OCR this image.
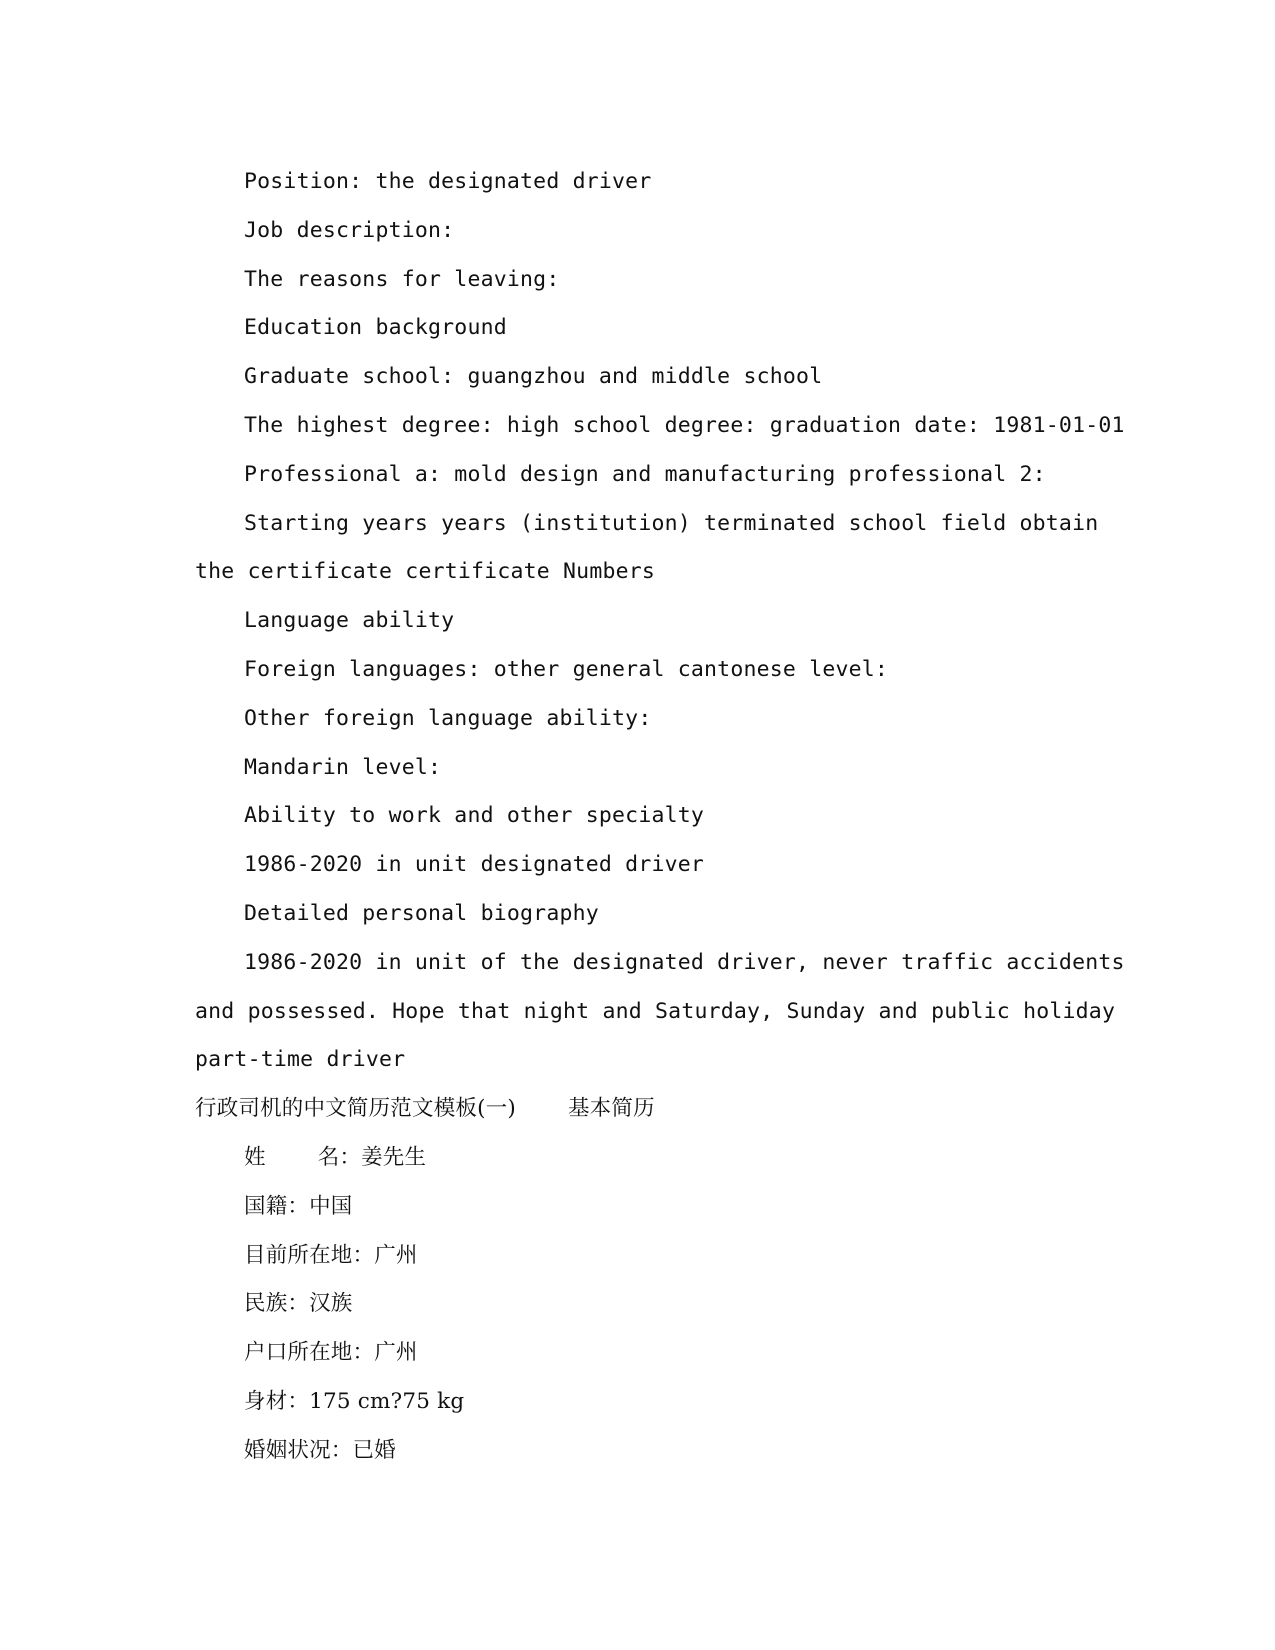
Position: the designated driver
Job description:
The reasons for leaving:
Education background
Graduate school: guangzhou and middle school
The highest degree: high school degree: graduation date: 1981-01-01
Professional a: mold design and manufacturing professional 2:
Starting years years (institution) terminated school field obtain
the certificate certificate Numbers
Language ability
Foreign languages: other general cantonese level:
Other foreign language ability:
Mandarin level:
Ability to work and other specialty
1986-2020 in unit designated driver
Detailed personal biography
1986-2020 in unit of the designated driver, never traffic accidents
and possessed. Hope that night and Saturday, Sunday and public holiday
part-time driver
行政司机的中文简历范文模板(一) 基本简历
姓 名：姜先生
国籍：中国
目前所在地：广州
民族：汉族
户口所在地：广州
身材：175 cm?75 kg
婚姻状况：已婚
